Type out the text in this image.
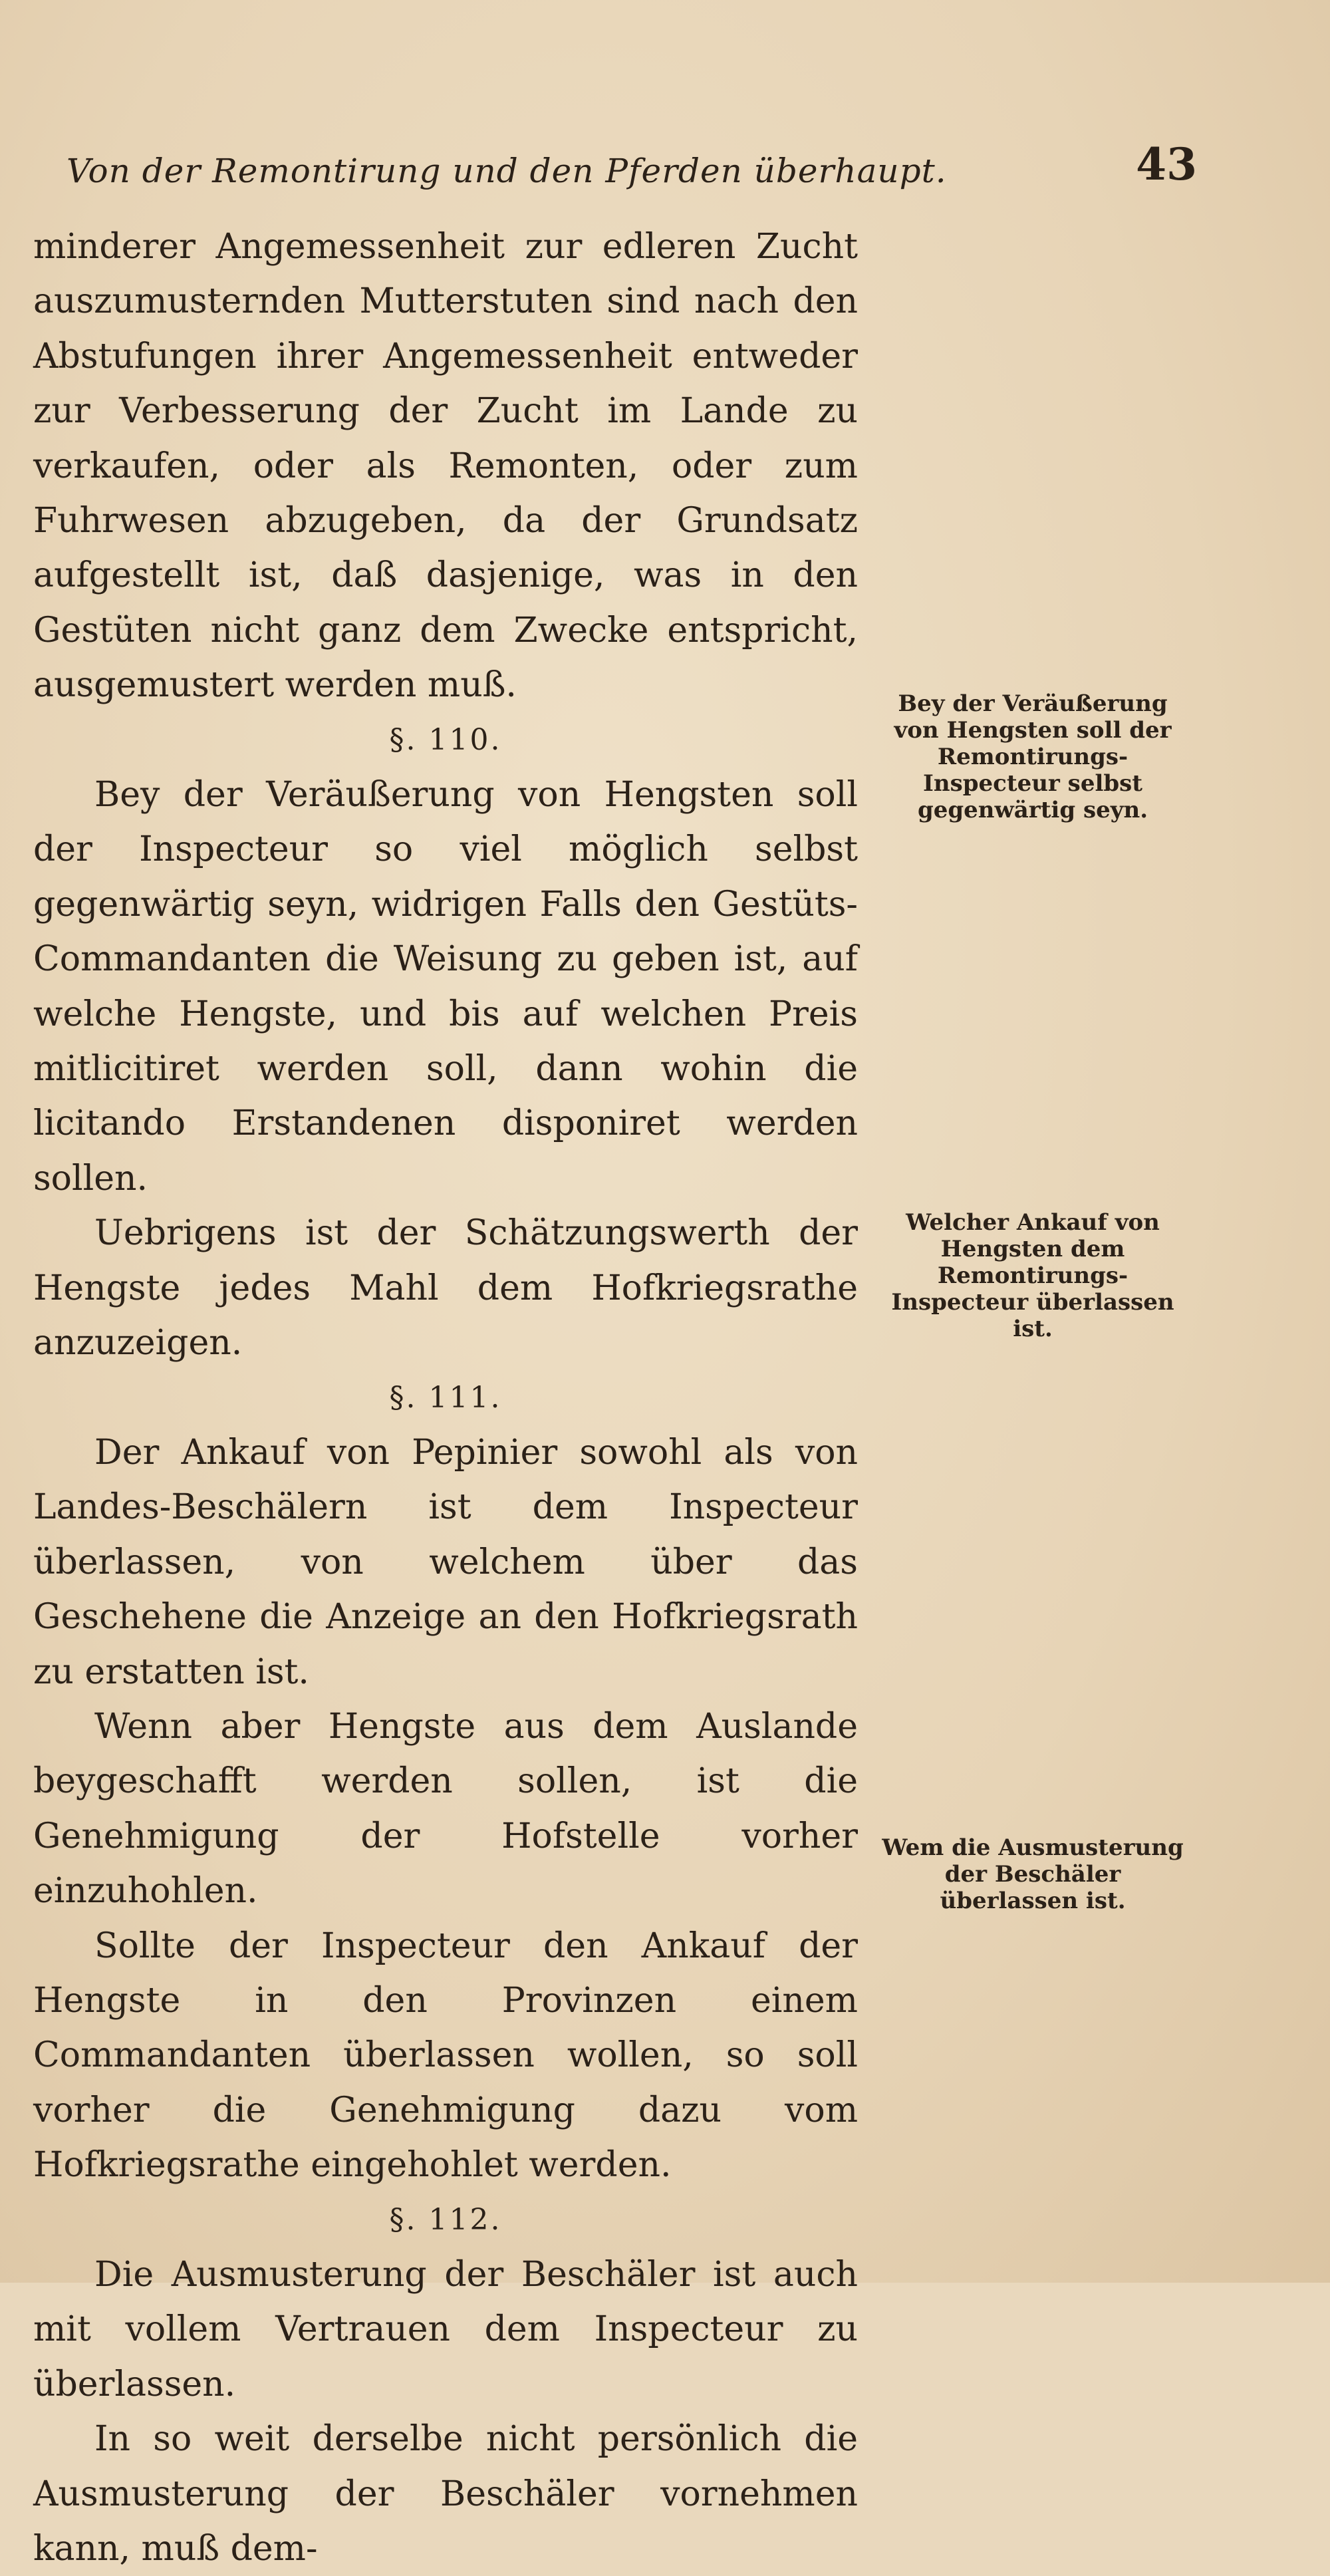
Von der Remontirung und den Pferden überhaupt.	43

minderer Angemessenheit zur edleren Zucht auszumusternden Mutterstuten sind nach den Abstufungen ihrer Angemessenheit entweder zur Verbesserung der Zucht im Lande zu verkaufen, oder als Remonten, oder zum Fuhrwesen abzugeben, da der Grundsatz aufgestellt ist, daß dasjenige, was in den Gestüten nicht ganz dem Zwecke entspricht, ausgemustert werden muß.

§. 110.

Bey der Veräußerung von Hengsten soll der Inspecteur so viel möglich selbst gegenwärtig seyn, widrigen Falls den Gestüts-Commandanten die Weisung zu geben ist, auf welche Hengste, und bis auf welchen Preis mitlicitiret werden soll, dann wohin die licitando Erstandenen disponiret werden sollen.

Uebrigens ist der Schätzungswerth der Hengste jedes Mahl dem Hofkriegsrathe anzuzeigen.

§. 111.

Der Ankauf von Pepinier sowohl als von Landes-Beschälern ist dem Inspecteur überlassen, von welchem über das Geschehene die Anzeige an den Hofkriegsrath zu erstatten ist.

Wenn aber Hengste aus dem Auslande beygeschafft werden sollen, ist die Genehmigung der Hofstelle vorher einzuhohlen.

Sollte der Inspecteur den Ankauf der Hengste in den Provinzen einem Commandanten überlassen wollen, so soll vorher die Genehmigung dazu vom Hofkriegsrathe eingehohlet werden.

§. 112.

Die Ausmusterung der Beschäler ist auch mit vollem Vertrauen dem Inspecteur zu überlassen.

In so weit derselbe nicht persönlich die Ausmusterung der Beschäler vornehmen kann, muß dem-

Bey der Veräußerung von Hengsten soll der Remontirungs-Inspecteur selbst gegenwärtig seyn.
Welcher Ankauf von Hengsten dem Remontirungs-Inspecteur überlassen ist.
Wem die Ausmusterung der Beschäler überlassen ist.
